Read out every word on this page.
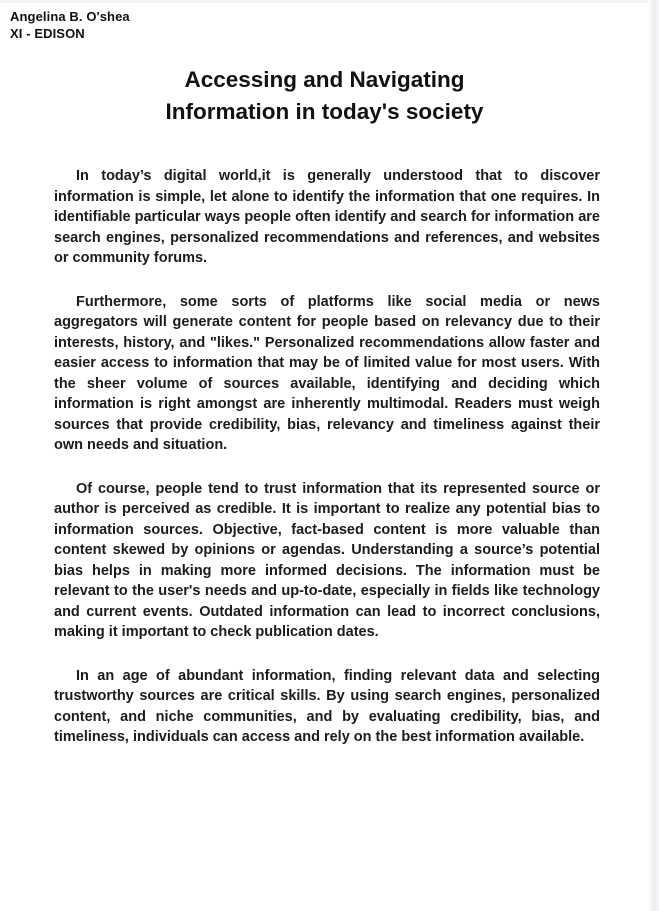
Angelina B. O'shea
XI - EDISON
Accessing and Navigating
Information in today's society

In today’s digital world,it is generally understood that to discover information is simple, let alone to identify the information that one requires. In identifiable particular ways people often identify and search for information are search engines, personalized recommendations and references, and websites or community forums.

Furthermore, some sorts of platforms like social media or news aggregators will generate content for people based on relevancy due to their interests, history, and "likes." Personalized recommendations allow faster and easier access to information that may be of limited value for most users. With the sheer volume of sources available, identifying and deciding which information is right amongst are inherently multimodal. Readers must weigh sources that provide credibility, bias, relevancy and timeliness against their own needs and situation.

Of course, people tend to trust information that its represented source or author is perceived as credible. It is important to realize any potential bias to information sources. Objective, fact-based content is more valuable than content skewed by opinions or agendas. Understanding a source’s potential bias helps in making more informed decisions. The information must be relevant to the user's needs and up-to-date, especially in fields like technology and current events. Outdated information can lead to incorrect conclusions, making it important to check publication dates.

In an age of abundant information, finding relevant data and selecting trustworthy sources are critical skills. By using search engines, personalized content, and niche communities, and by evaluating credibility, bias, and timeliness, individuals can access and rely on the best information available.
